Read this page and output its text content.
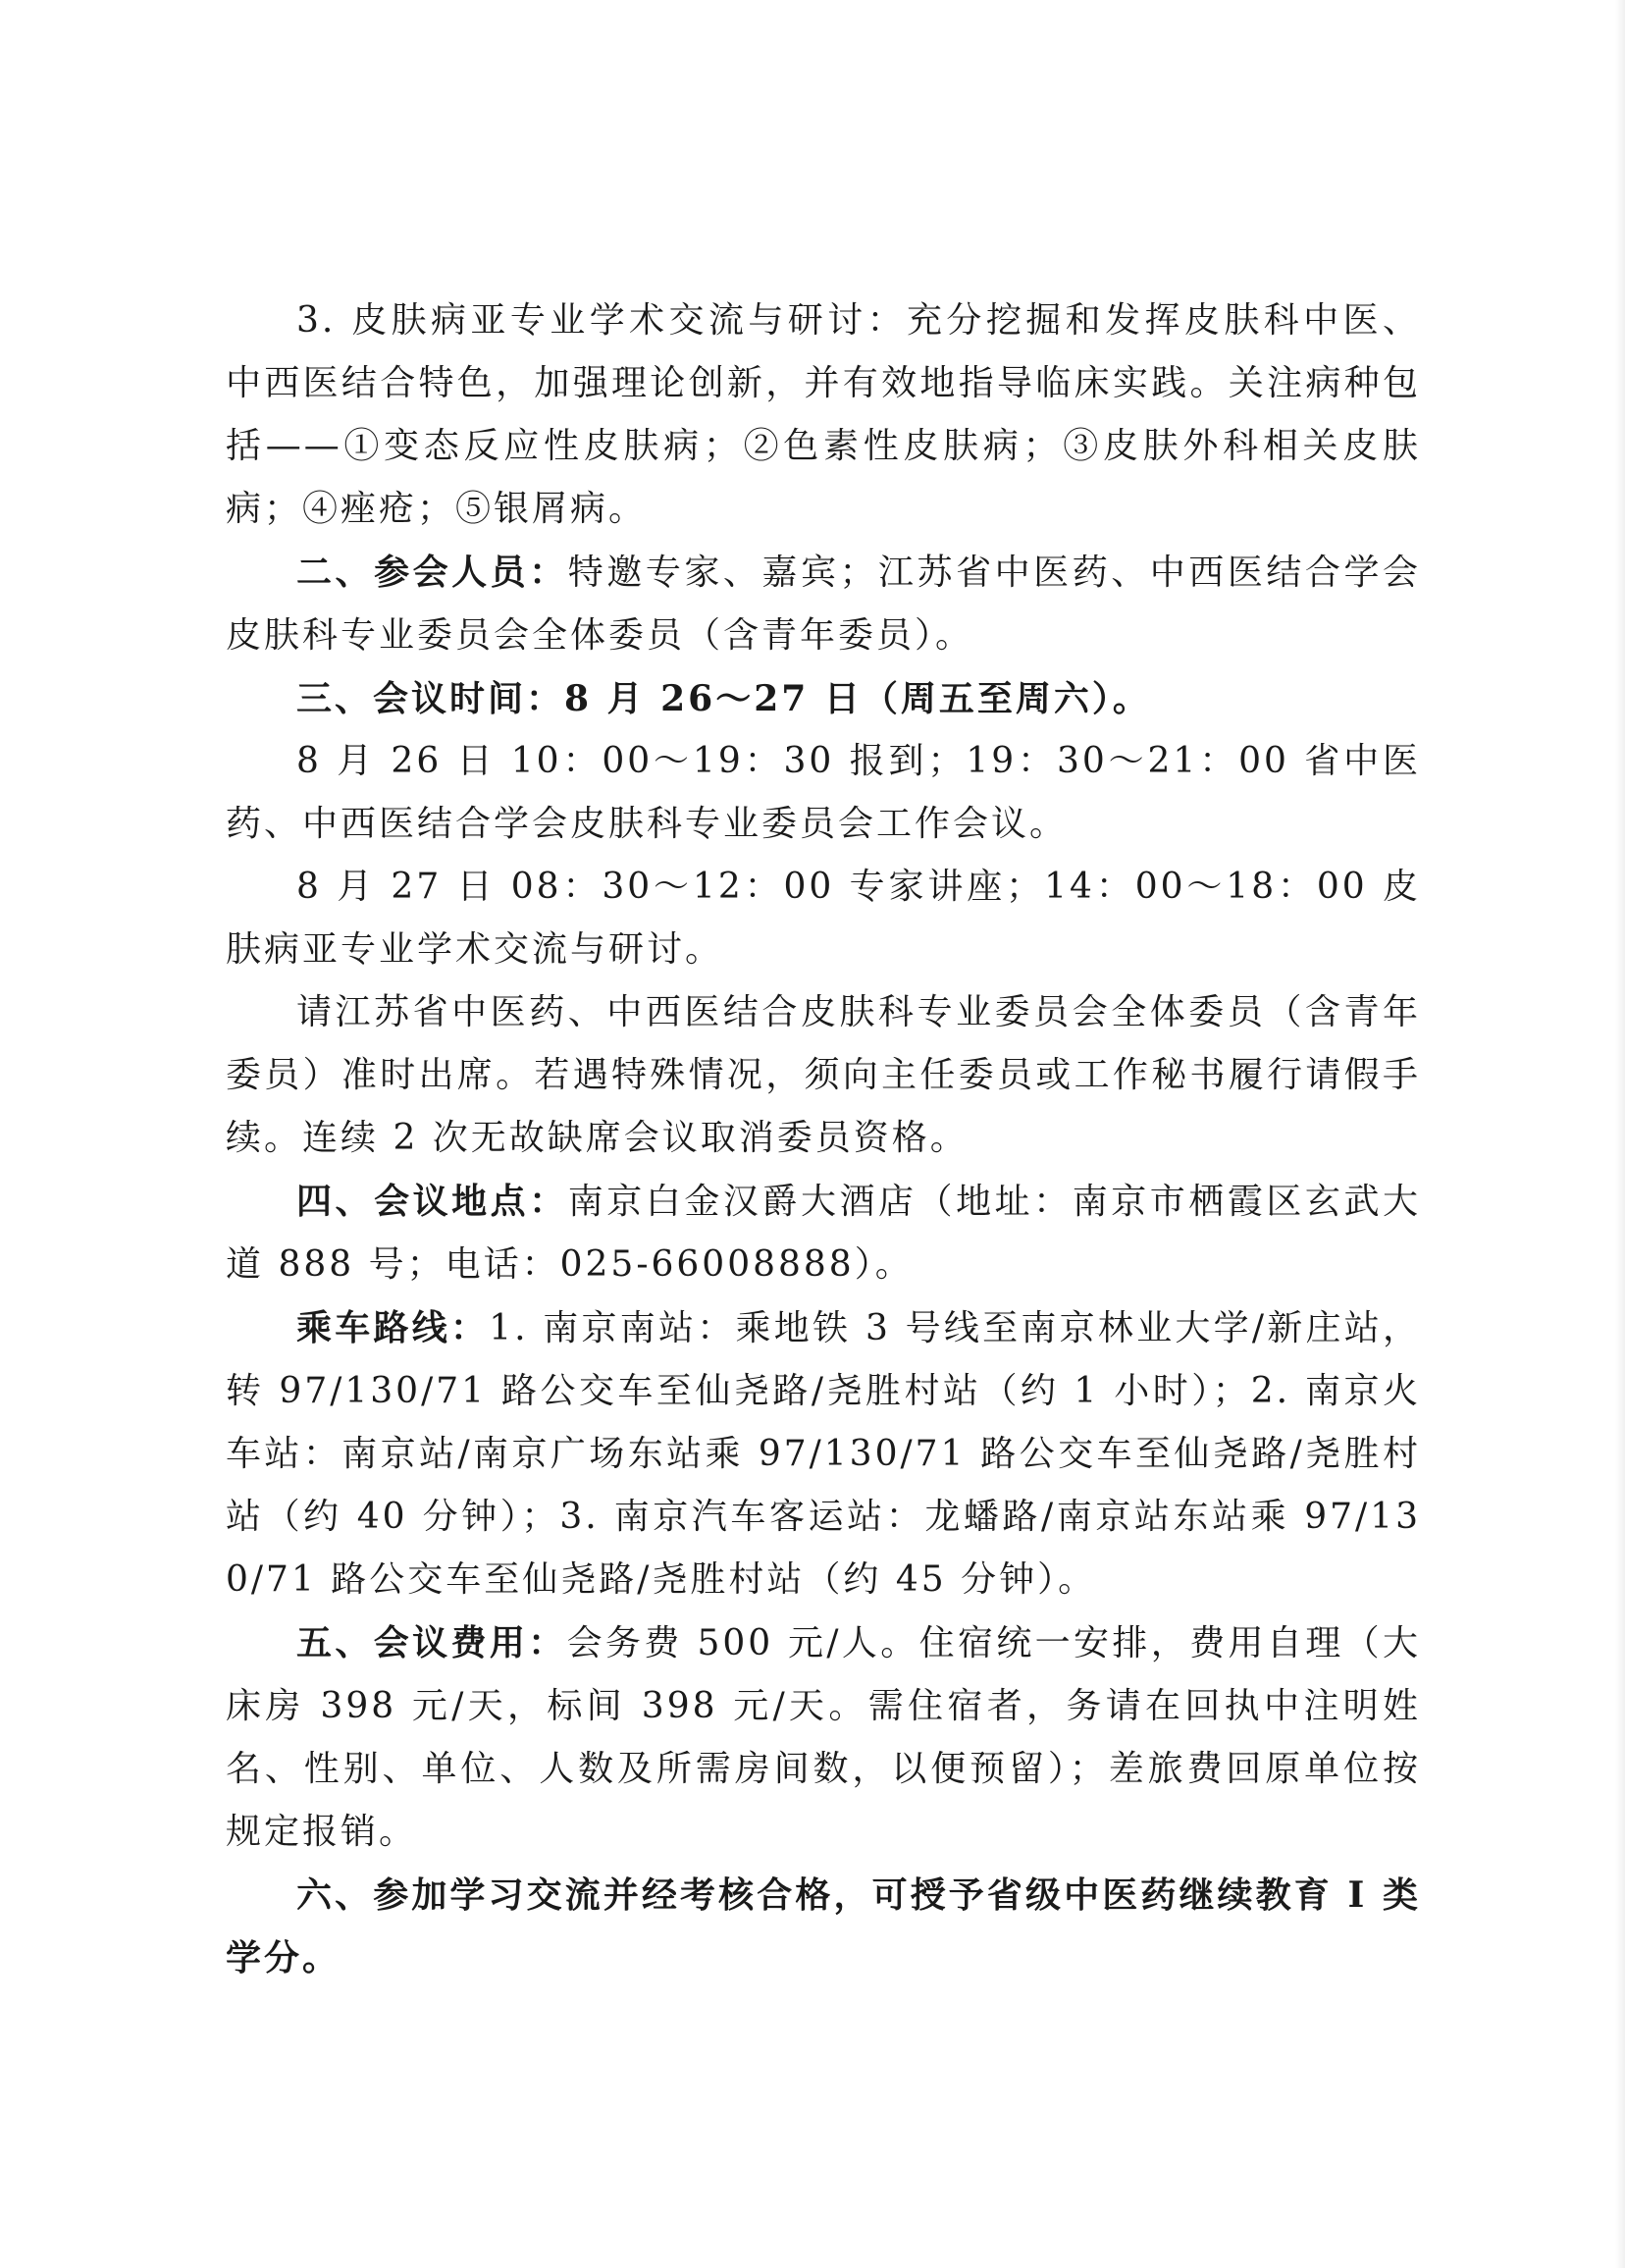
3. 皮肤病亚专业学术交流与研讨：充分挖掘和发挥皮肤科中医、中西医结合特色，加强理论创新，并有效地指导临床实践。关注病种包括——①变态反应性皮肤病；②色素性皮肤病；③皮肤外科相关皮肤病；④痤疮；⑤银屑病。

二、参会人员：特邀专家、嘉宾；江苏省中医药、中西医结合学会皮肤科专业委员会全体委员（含青年委员）。

三、会议时间：8 月 26～27 日（周五至周六）。

8 月 26 日 10：00～19：30 报到；19：30～21：00 省中医药、中西医结合学会皮肤科专业委员会工作会议。

8 月 27 日 08：30～12：00 专家讲座；14：00～18：00 皮肤病亚专业学术交流与研讨。

请江苏省中医药、中西医结合皮肤科专业委员会全体委员（含青年委员）准时出席。若遇特殊情况，须向主任委员或工作秘书履行请假手续。连续 2 次无故缺席会议取消委员资格。

四、会议地点：南京白金汉爵大酒店（地址：南京市栖霞区玄武大道 888 号；电话：025-66008888）。

乘车路线：1. 南京南站：乘地铁 3 号线至南京林业大学/新庄站，转 97/130/71 路公交车至仙尧路/尧胜村站（约 1 小时）；2. 南京火车站：南京站/南京广场东站乘 97/130/71 路公交车至仙尧路/尧胜村站（约 40 分钟）；3. 南京汽车客运站：龙蟠路/南京站东站乘 97/130/71 路公交车至仙尧路/尧胜村站（约 45 分钟）。

五、会议费用：会务费 500 元/人。住宿统一安排，费用自理（大床房 398 元/天，标间 398 元/天。需住宿者，务请在回执中注明姓名、性别、单位、人数及所需房间数，以便预留）；差旅费回原单位按规定报销。

六、参加学习交流并经考核合格，可授予省级中医药继续教育 I 类学分。
